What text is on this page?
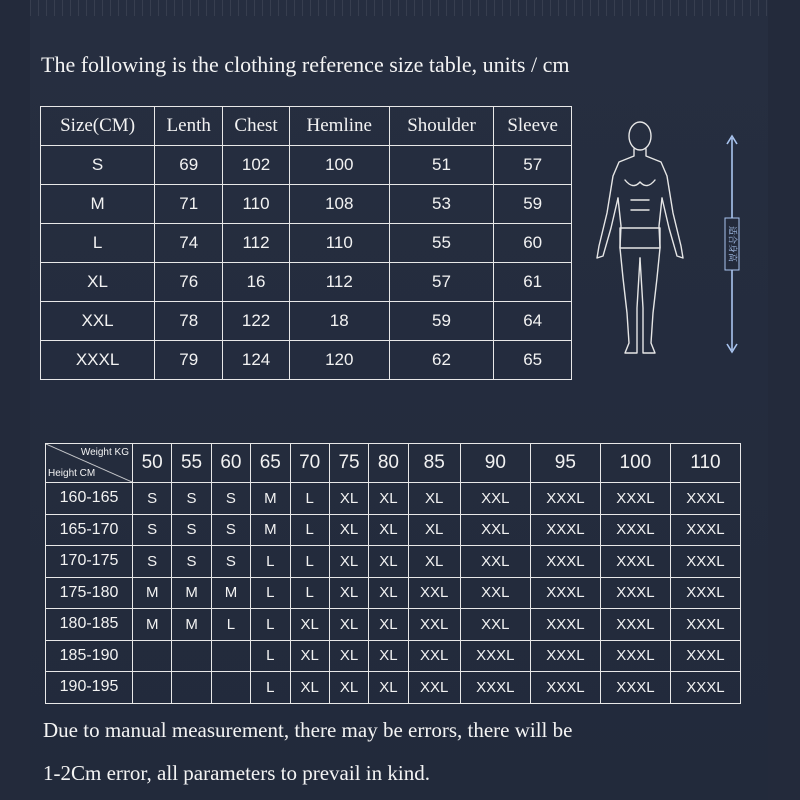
The following is the clothing reference size table, units / cm
Size(CM)	Lenth	Chest	Hemline	Shoulder	Sleeve
S	69	102	100	51	57
M	71	110	108	53	59
L	74	112	110	55	60
XL	76	16	112	57	61
XXL	78	122	18	59	64
XXXL	79	124	120	62	65
适合身高
Weight KG
Height CM	50	55	60	65	70	75	80	85	90	95	100	110
160-165	S	S	S	M	L	XL	XL	XL	XXL	XXXL	XXXL	XXXL
165-170	S	S	S	M	L	XL	XL	XL	XXL	XXXL	XXXL	XXXL
170-175	S	S	S	L	L	XL	XL	XL	XXL	XXXL	XXXL	XXXL
175-180	M	M	M	L	L	XL	XL	XXL	XXL	XXXL	XXXL	XXXL
180-185	M	M	L	L	XL	XL	XL	XXL	XXL	XXXL	XXXL	XXXL
185-190				L	XL	XL	XL	XXL	XXXL	XXXL	XXXL	XXXL
190-195				L	XL	XL	XL	XXL	XXXL	XXXL	XXXL	XXXL
Due to manual measurement, there may be errors, there will be
1-2Cm error, all parameters to prevail in kind.
